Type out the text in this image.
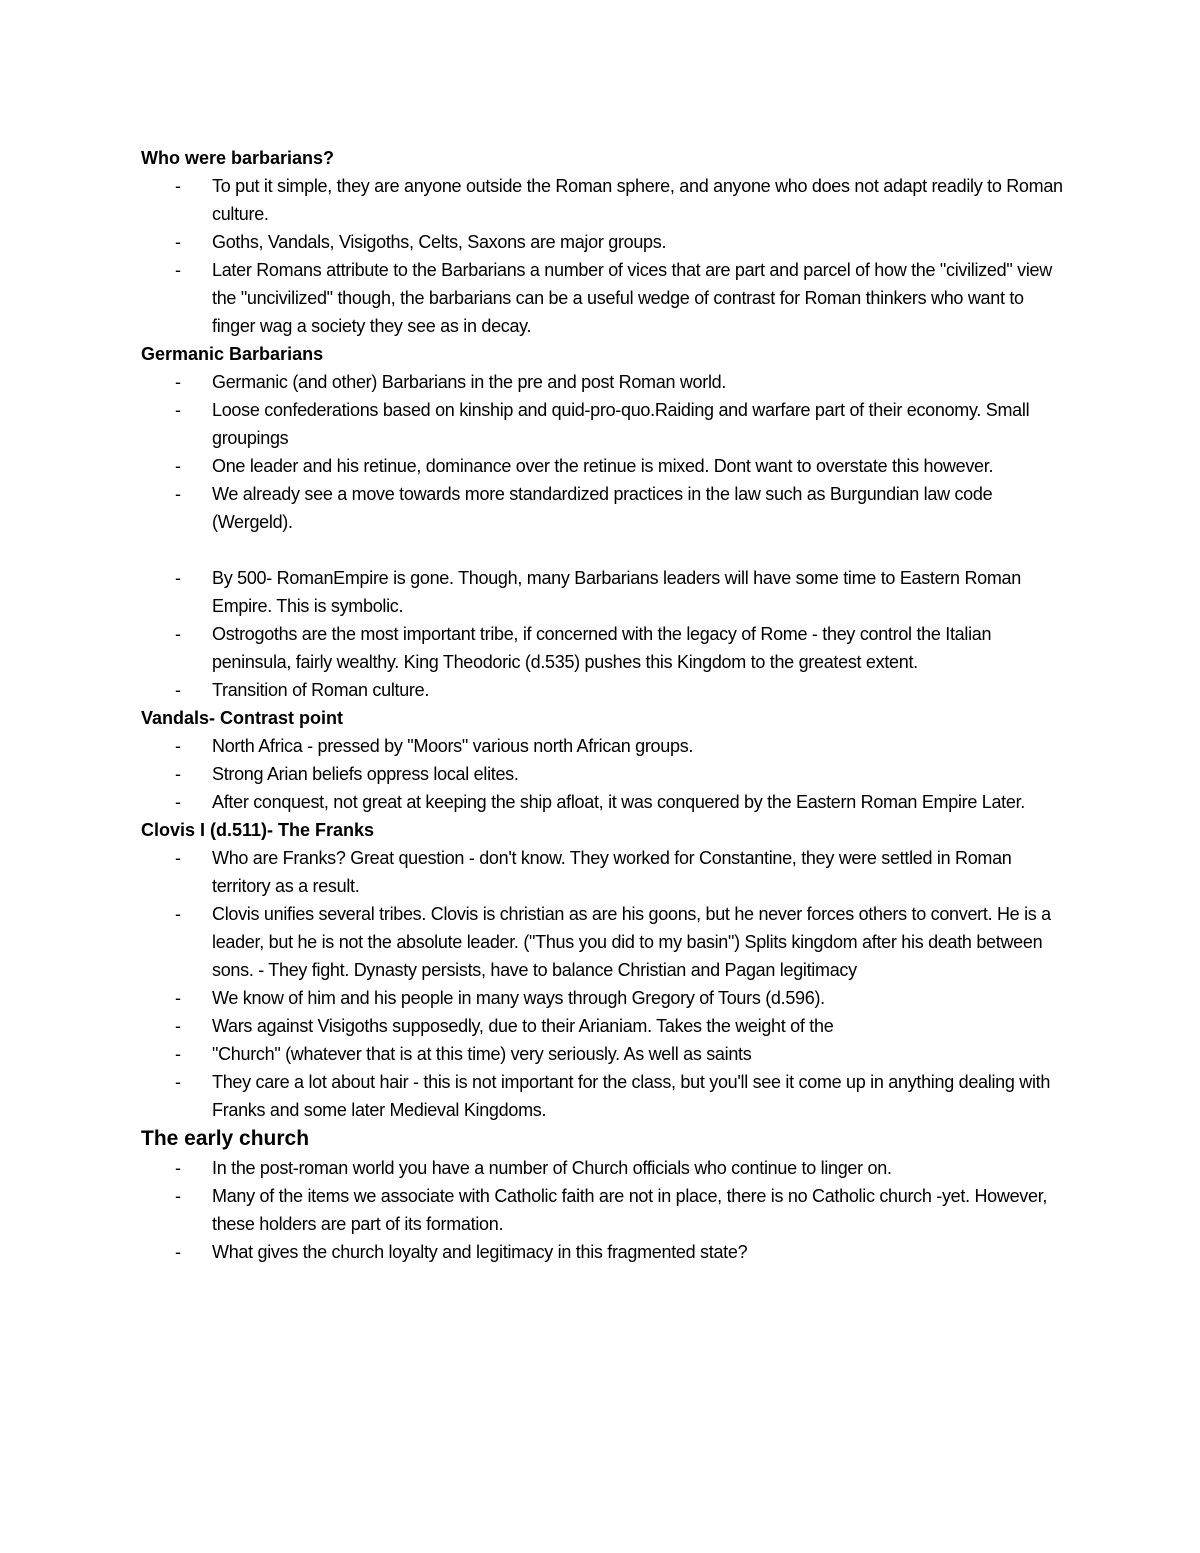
Who were barbarians?

- To put it simple, they are anyone outside the Roman sphere, and anyone who does not adapt readily to Roman culture.
- Goths, Vandals, Visigoths, Celts, Saxons are major groups.
- Later Romans attribute to the Barbarians a number of vices that are part and parcel of how the "civilized" view the "uncivilized" though, the barbarians can be a useful wedge of contrast for Roman thinkers who want to finger wag a society they see as in decay.

Germanic Barbarians

- Germanic (and other) Barbarians in the pre and post Roman world.
- Loose confederations based on kinship and quid-pro-quo.Raiding and warfare part of their economy. Small groupings
- One leader and his retinue, dominance over the retinue is mixed. Dont want to overstate this however.
- We already see a move towards more standardized practices in the law such as Burgundian law code (Wergeld).
- By 500- RomanEmpire is gone. Though, many Barbarians leaders will have some time to Eastern Roman Empire. This is symbolic.
- Ostrogoths are the most important tribe, if concerned with the legacy of Rome - they control the Italian peninsula, fairly wealthy. King Theodoric (d.535) pushes this Kingdom to the greatest extent.
- Transition of Roman culture.

Vandals- Contrast point

- North Africa - pressed by "Moors" various north African groups.
- Strong Arian beliefs oppress local elites.
- After conquest, not great at keeping the ship afloat, it was conquered by the Eastern Roman Empire Later.

Clovis I (d.511)- The Franks

- Who are Franks? Great question - don't know. They worked for Constantine, they were settled in Roman territory as a result.
- Clovis unifies several tribes. Clovis is christian as are his goons, but he never forces others to convert. He is a leader, but he is not the absolute leader. ("Thus you did to my basin") Splits kingdom after his death between sons. - They fight. Dynasty persists, have to balance Christian and Pagan legitimacy
- We know of him and his people in many ways through Gregory of Tours (d.596).
- Wars against Visigoths supposedly, due to their Arianiam. Takes the weight of the
- "Church" (whatever that is at this time) very seriously. As well as saints
- They care a lot about hair - this is not important for the class, but you'll see it come up in anything dealing with Franks and some later Medieval Kingdoms.

The early church

- In the post-roman world you have a number of Church officials who continue to linger on.
- Many of the items we associate with Catholic faith are not in place, there is no Catholic church -yet. However, these holders are part of its formation.
- What gives the church loyalty and legitimacy in this fragmented state?
